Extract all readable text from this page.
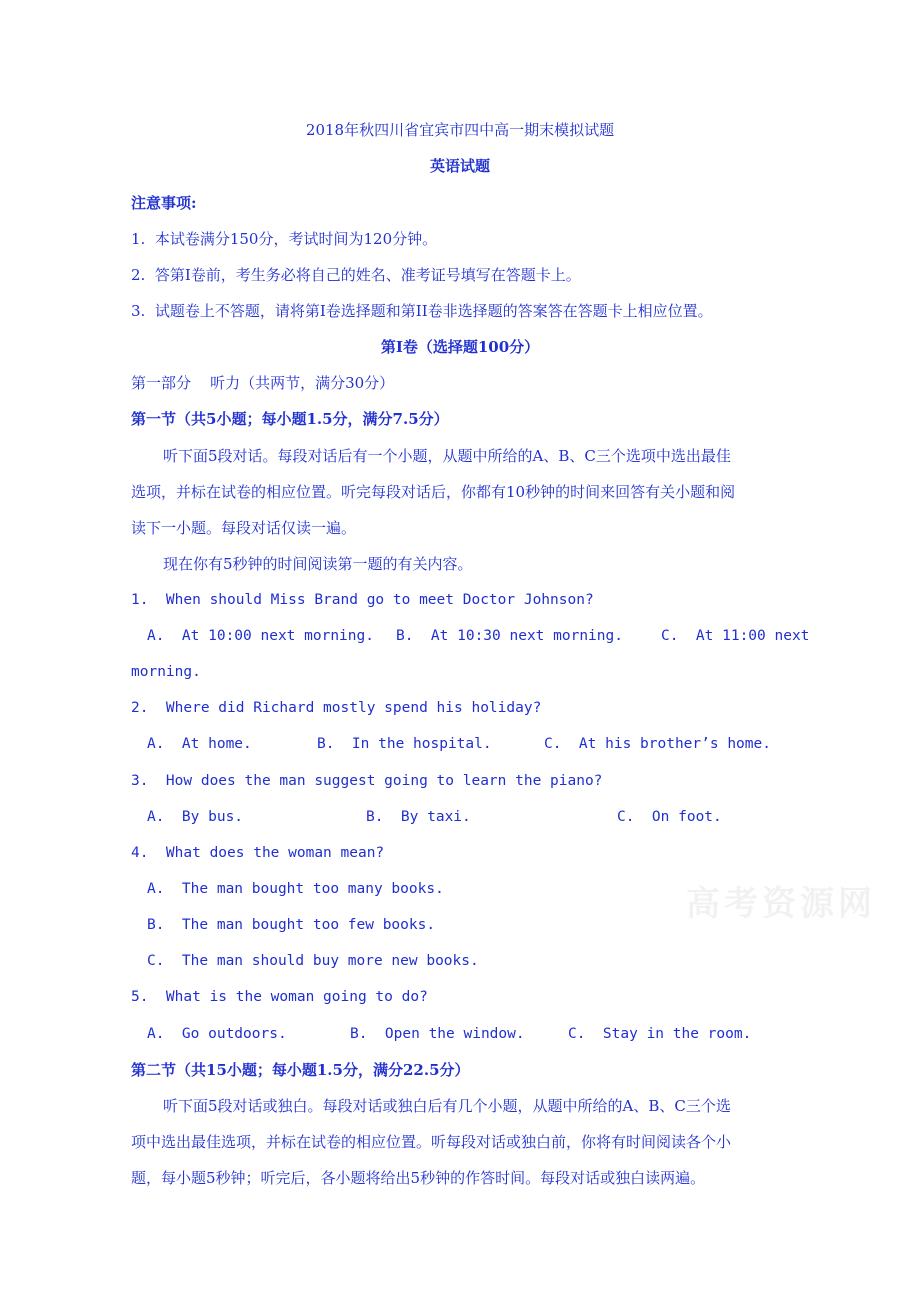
2018年秋四川省宜宾市四中高一期末模拟试题
英语试题
注意事项:
1.  本试卷满分150分，考试时间为120分钟。
2.  答第I卷前，考生务必将自己的姓名、准考证号填写在答题卡上。
3.  试题卷上不答题，请将第I卷选择题和第II卷非选择题的答案答在答题卡上相应位置。
第I卷（选择题100分）
第一部分    听力（共两节，满分30分）
第一节（共5小题；每小题1.5分，满分7.5分）
听下面5段对话。每段对话后有一个小题，从题中所给的A、B、C三个选项中选出最佳
选项，并标在试卷的相应位置。听完每段对话后，你都有10秒钟的时间来回答有关小题和阅
读下一小题。每段对话仅读一遍。
现在你有5秒钟的时间阅读第一题的有关内容。
1.  When should Miss Brand go to meet Doctor Johnson?
A.  At 10:00 next morning. B.  At 10:30 next morning.	C.  At 11:00 next
morning.
2.  Where did Richard mostly spend his holiday?
A.  At home.	B.  In the hospital.	C.  At his brother’s home.
3.  How does the man suggest going to learn the piano?
A.  By bus.	B.  By taxi.	C.  On foot.
4.  What does the woman mean?
A.  The man bought too many books.
B.  The man bought too few books.
C.  The man should buy more new books.
5.  What is the woman going to do?
A.  Go outdoors.	B.  Open the window.	C.  Stay in the room.
第二节（共15小题；每小题1.5分，满分22.5分）
听下面5段对话或独白。每段对话或独白后有几个小题，从题中所给的A、B、C三个选
项中选出最佳选项，并标在试卷的相应位置。听每段对话或独白前，你将有时间阅读各个小
题，每小题5秒钟；听完后，各小题将给出5秒钟的作答时间。每段对话或独白读两遍。
高考资源网
